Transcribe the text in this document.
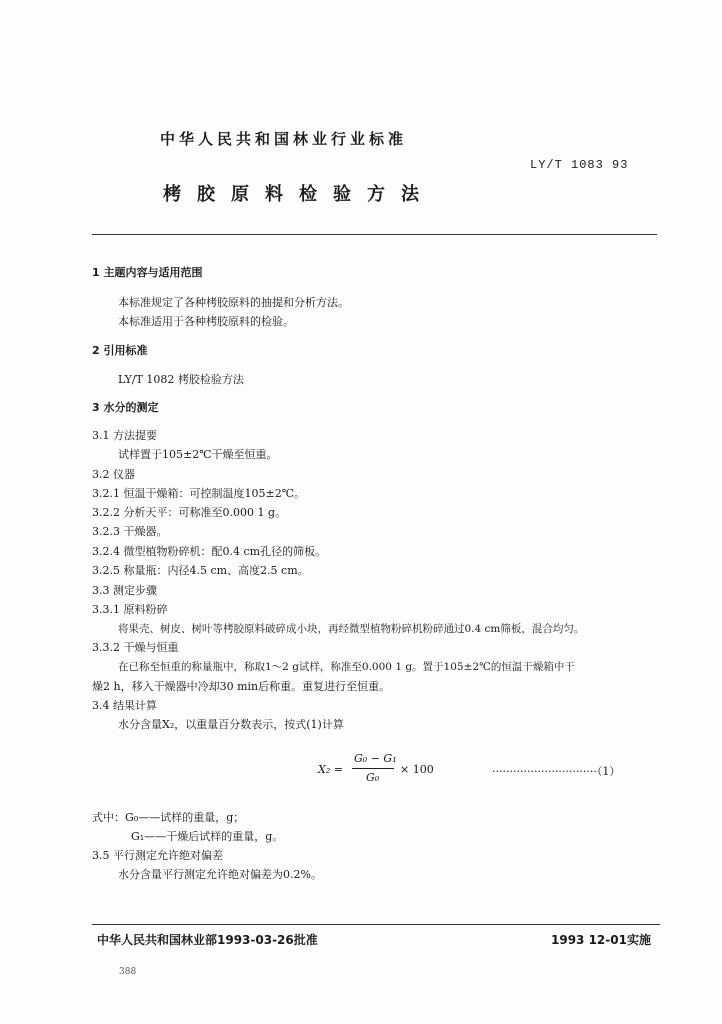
中华人民共和国林业行业标准
LY/T 1083 93
栲胶原料检验方法
1 主题内容与适用范围
本标准规定了各种栲胶原料的抽提和分析方法。
本标准适用于各种栲胶原料的检验。
2 引用标准
LY/T 1082 栲胶检验方法
3 水分的测定
3.1 方法提要
试样置于105±2℃干燥至恒重。
3.2 仪器
3.2.1 恒温干燥箱：可控制温度105±2℃。
3.2.2 分析天平：可称准至0.000 1 g。
3.2.3 干燥器。
3.2.4 微型植物粉碎机：配0.4 cm孔径的筛板。
3.2.5 称量瓶：内径4.5 cm、高度2.5 cm。
3.3 测定步骤
3.3.1 原料粉碎
将果壳、树皮、树叶等栲胶原料破碎成小块，再经微型植物粉碎机粉碎通过0.4 cm筛板，混合均匀。
3.3.2 干燥与恒重
在已称至恒重的称量瓶中，称取1～2 g试样，称准至0.000 1 g。置于105±2℃的恒温干燥箱中干
燥2 h，移入干燥器中冷却30 min后称重。重复进行至恒重。
3.4 结果计算
水分含量X₂，以重量百分数表示，按式(1)计算
X₂ =
G₀ − G₁
G₀
× 100	······························（1）
式中：G₀——试样的重量，g；
G₁——干燥后试样的重量，g。
3.5 平行测定允许绝对偏差
水分含量平行测定允许绝对偏差为0.2%。
中华人民共和国林业部1993-03-26批准	1993 12-01实施
388
